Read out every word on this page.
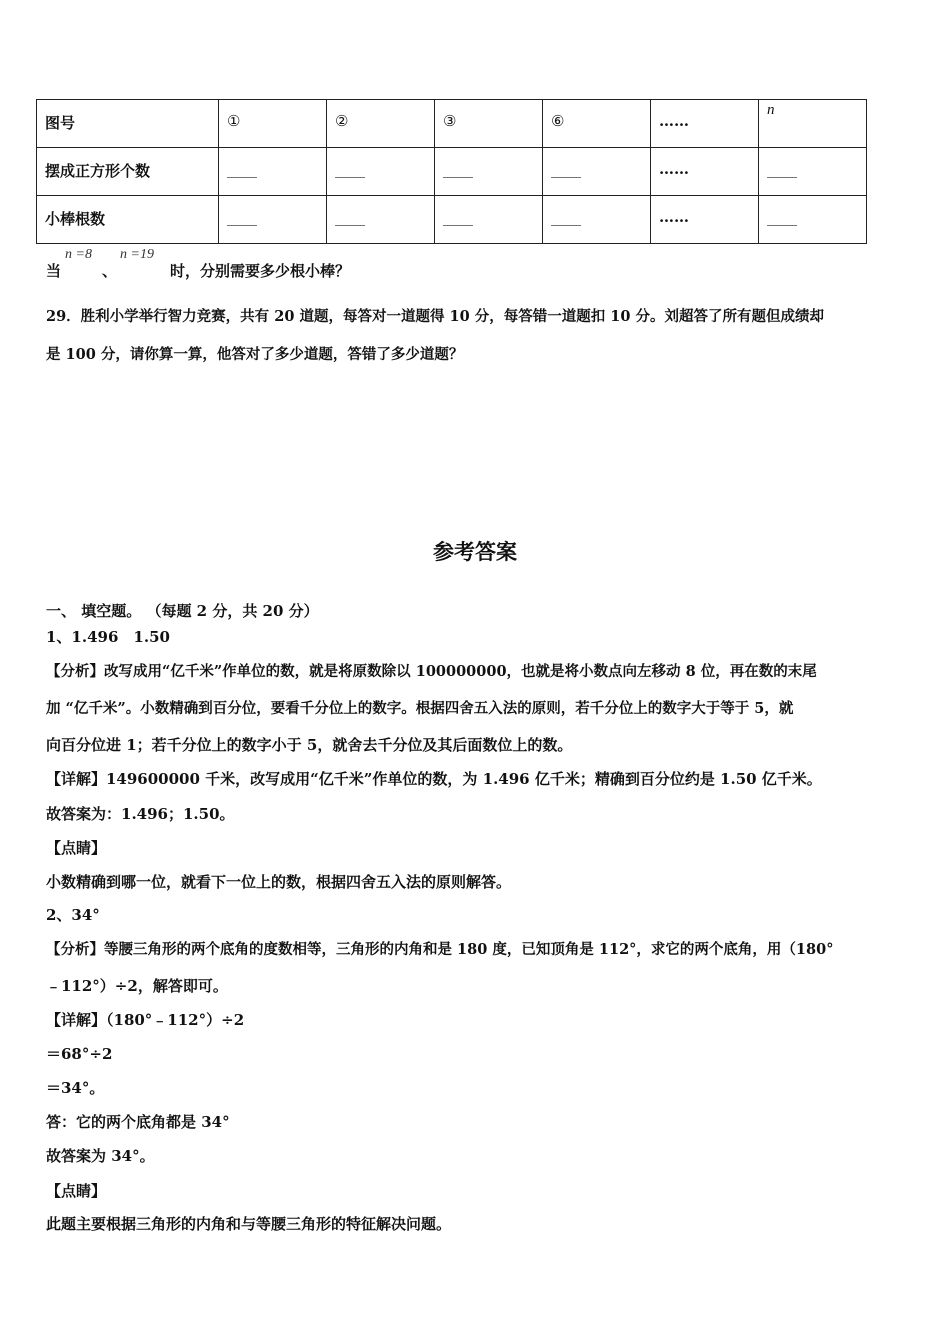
图号	①	②	③	⑥	……	n
摆成正方形个数	____	____	____	____	……	____
小棒根数	____	____	____	____	……	____
当
n =8
、
n =19
时，分别需要多少根小棒？
29．胜利小学举行智力竞赛，共有 20 道题，每答对一道题得 10 分，每答错一道题扣 10 分。刘超答了所有题但成绩却
是 100 分，请你算一算，他答对了多少道题，答错了多少道题？
参考答案
一、 填空题。 （每题 2 分，共 20 分）
1、1.496　1.50
【分析】改写成用“亿千米”作单位的数，就是将原数除以 100000000，也就是将小数点向左移动 8 位，再在数的末尾
加 “亿千米”。小数精确到百分位，要看千分位上的数字。根据四舍五入法的原则，若千分位上的数字大于等于 5，就
向百分位进 1；若千分位上的数字小于 5，就舍去千分位及其后面数位上的数。
【详解】149600000 千米，改写成用“亿千米”作单位的数，为 1.496 亿千米；精确到百分位约是 1.50 亿千米。
故答案为：1.496；1.50。
【点睛】
小数精确到哪一位，就看下一位上的数，根据四舍五入法的原则解答。
2、34°
【分析】等腰三角形的两个底角的度数相等，三角形的内角和是 180 度，已知顶角是 112°，求它的两个底角，用（180°
﹣112°）÷2，解答即可。
【详解】（180°﹣112°）÷2
＝68°÷2
＝34°。
答：它的两个底角都是 34°
故答案为 34°。
【点睛】
此题主要根据三角形的内角和与等腰三角形的特征解决问题。
